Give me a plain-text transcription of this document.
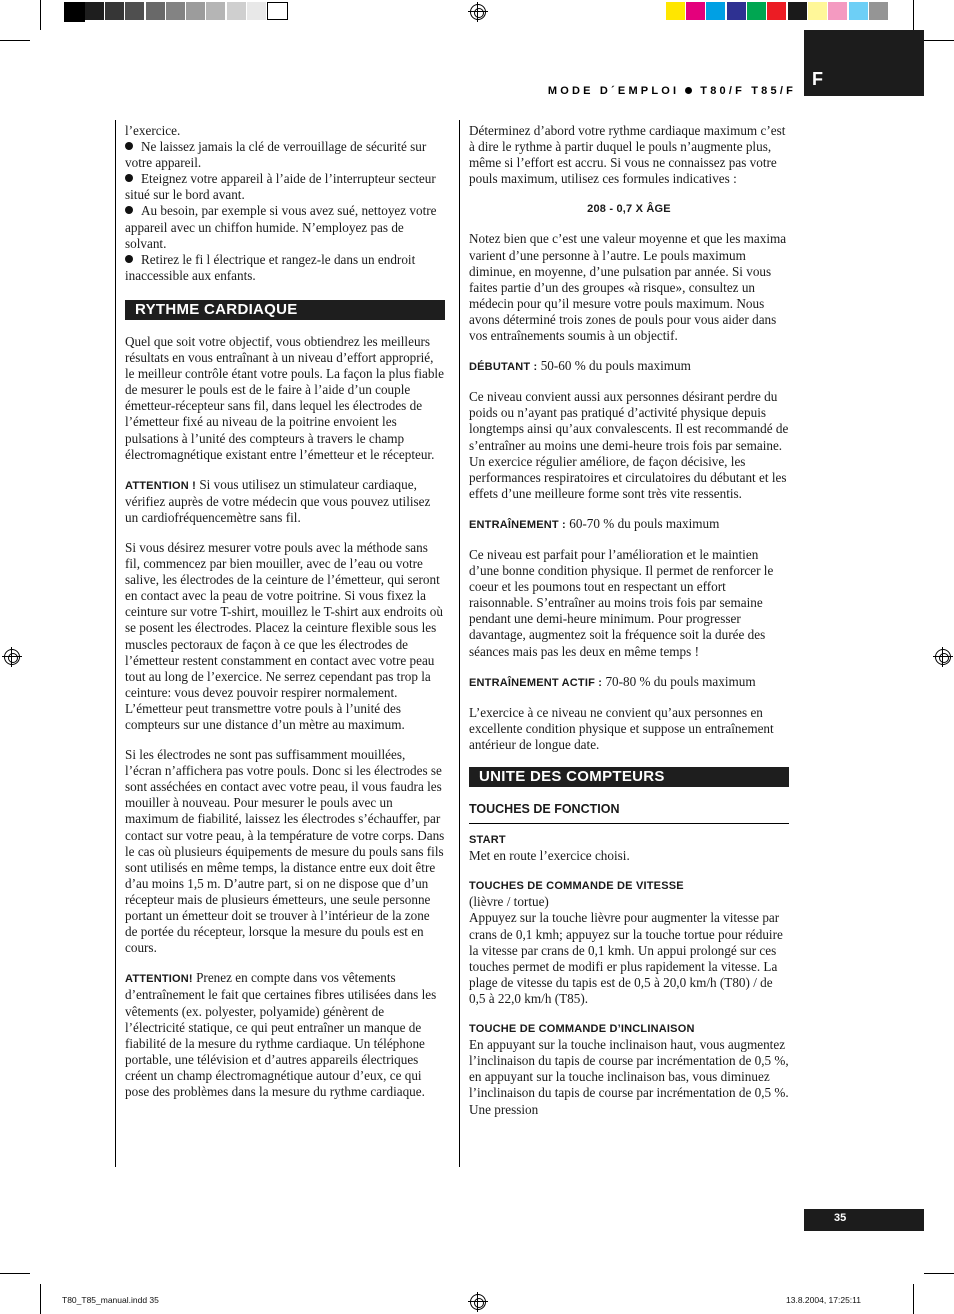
F
MODE D´EMPLOI T80/F T85/F

l’exercice.

Ne laissez jamais la clé de verrouillage de sécurité sur votre appareil.

Eteignez votre appareil à l’aide de l’interrupteur secteur situé sur le bord avant.

Au besoin, par exemple si vous avez sué, nettoyez votre appareil avec un chiffon humide. N’employez pas de solvant.

Retirez le fi l électrique et rangez-le dans un endroit inaccessible aux enfants.

RYTHME CARDIAQUE

Quel que soit votre objectif, vous obtiendrez les meilleurs résultats en vous entraînant à un niveau d’effort approprié, le meilleur contrôle étant votre pouls. La façon la plus fiable de mesurer le pouls est de le faire à l’aide d’un couple émetteur-récepteur sans fil, dans lequel les électrodes de l’émetteur fixé au niveau de la poitrine envoient les pulsations à l’unité des compteurs à travers le champ électromagnétique existant entre l’émetteur et le récepteur.

ATTENTION ! Si vous utilisez un stimulateur cardiaque, vérifiez auprès de votre médecin que vous pouvez utilisez un cardiofréquencemètre sans fil.

Si vous désirez mesurer votre pouls avec la méthode sans fil, commencez par bien mouiller, avec de l’eau ou votre salive, les électrodes de la ceinture de l’émetteur, qui seront en contact avec la peau de votre poitrine. Si vous fixez la ceinture sur votre T-shirt, mouillez le T-shirt aux endroits où se posent les électrodes. Placez la ceinture flexible sous les muscles pectoraux de façon à ce que les électrodes de l’émetteur restent constamment en contact avec votre peau tout au long de l’exercice. Ne serrez cependant pas trop la ceinture: vous devez pouvoir respirer normalement. L’émetteur peut transmettre votre pouls à l’unité des compteurs sur une distance d’un mètre au maximum.

Si les électrodes ne sont pas suffisamment mouillées, l’écran n’affichera pas votre pouls. Donc si les électrodes se sont asséchées en contact avec votre peau, il vous faudra les mouiller à nouveau. Pour mesurer le pouls avec un maximum de fiabilité, laissez les électrodes s’échauffer, par contact sur votre peau, à la température de votre corps. Dans le cas où plusieurs équipements de mesure du pouls sans fils sont utilisés en même temps, la distance entre eux doit être d’au moins 1,5 m. D’autre part, si on ne dispose que d’un récepteur mais de plusieurs émetteurs, une seule personne portant un émetteur doit se trouver à l’intérieur de la zone de portée du récepteur, lorsque la mesure du pouls est en cours.

ATTENTION! Prenez en compte dans vos vêtements d’entraînement le fait que certaines fibres utilisées dans les vêtements (ex. polyester, polyamide) génèrent de l’électricité statique, ce qui peut entraîner un manque de fiabilité de la mesure du rythme cardiaque. Un téléphone portable, une télévision et d’autres appareils électriques créent un champ électromagnétique autour d’eux, ce qui pose des problèmes dans la mesure du rythme cardiaque.

Déterminez d’abord votre rythme cardiaque maximum c’est à dire le rythme à partir duquel le pouls n’augmente plus, même si l’effort est accru. Si vous ne connaissez pas votre pouls maximum, utilisez ces formules indicatives :

208 - 0,7 X ÂGE

Notez bien que c’est une valeur moyenne et que les maxima varient d’une personne à l’autre. Le pouls maximum diminue, en moyenne, d’une pulsation par année. Si vous faites partie d’un des groupes «à risque», consultez un médecin pour qu’il mesure votre pouls maximum. Nous avons déterminé trois zones de pouls pour vous aider dans vos entraînements soumis à un objectif.

DÉBUTANT : 50-60 % du pouls maximum

Ce niveau convient aussi aux personnes désirant perdre du poids ou n’ayant pas pratiqué d’activité physique depuis longtemps ainsi qu’aux convalescents. Il est recommandé de s’entraîner au moins une demi-heure trois fois par semaine. Un exercice régulier améliore, de façon décisive, les performances respiratoires et circulatoires du débutant et les effets d’une meilleure forme sont très vite ressentis.

ENTRAÎNEMENT : 60-70 % du pouls maximum

Ce niveau est parfait pour l’amélioration et le maintien d’une bonne condition physique. Il permet de renforcer le coeur et les poumons tout en respectant un effort raisonnable. S’entraîner au moins trois fois par semaine pendant une demi-heure minimum. Pour progresser davantage, augmentez soit la fréquence soit la durée des séances mais pas les deux en même temps !

ENTRAÎNEMENT ACTIF : 70-80 % du pouls maximum

L’exercice à ce niveau ne convient qu’aux personnes en excellente condition physique et suppose un entraînement antérieur de longue date.

UNITE DES COMPTEURS
TOUCHES DE FONCTION

START

Met en route l’exercice choisi.

TOUCHES DE COMMANDE DE VITESSE

(lièvre / tortue)

Appuyez sur la touche lièvre pour augmenter la vitesse par crans de 0,1 kmh; appuyez sur la touche tortue pour réduire la vitesse par crans de 0,1 kmh. Un appui prolongé sur ces touches permet de modifi er plus rapidement la vitesse. La plage de vitesse du tapis est de 0,5 à 20,0 km/h (T80) / de 0,5 à 22,0 km/h (T85).

TOUCHE DE COMMANDE D’INCLINAISON

En appuyant sur la touche inclinaison haut, vous augmentez l’inclinaison du tapis de course par incrémentation de 0,5 %, en appuyant sur la touche inclinaison bas, vous diminuez l’inclinaison du tapis de course par incrémentation de 0,5 %. Une pression

35
T80_T85_manual.indd 35	13.8.2004, 17:25:11
